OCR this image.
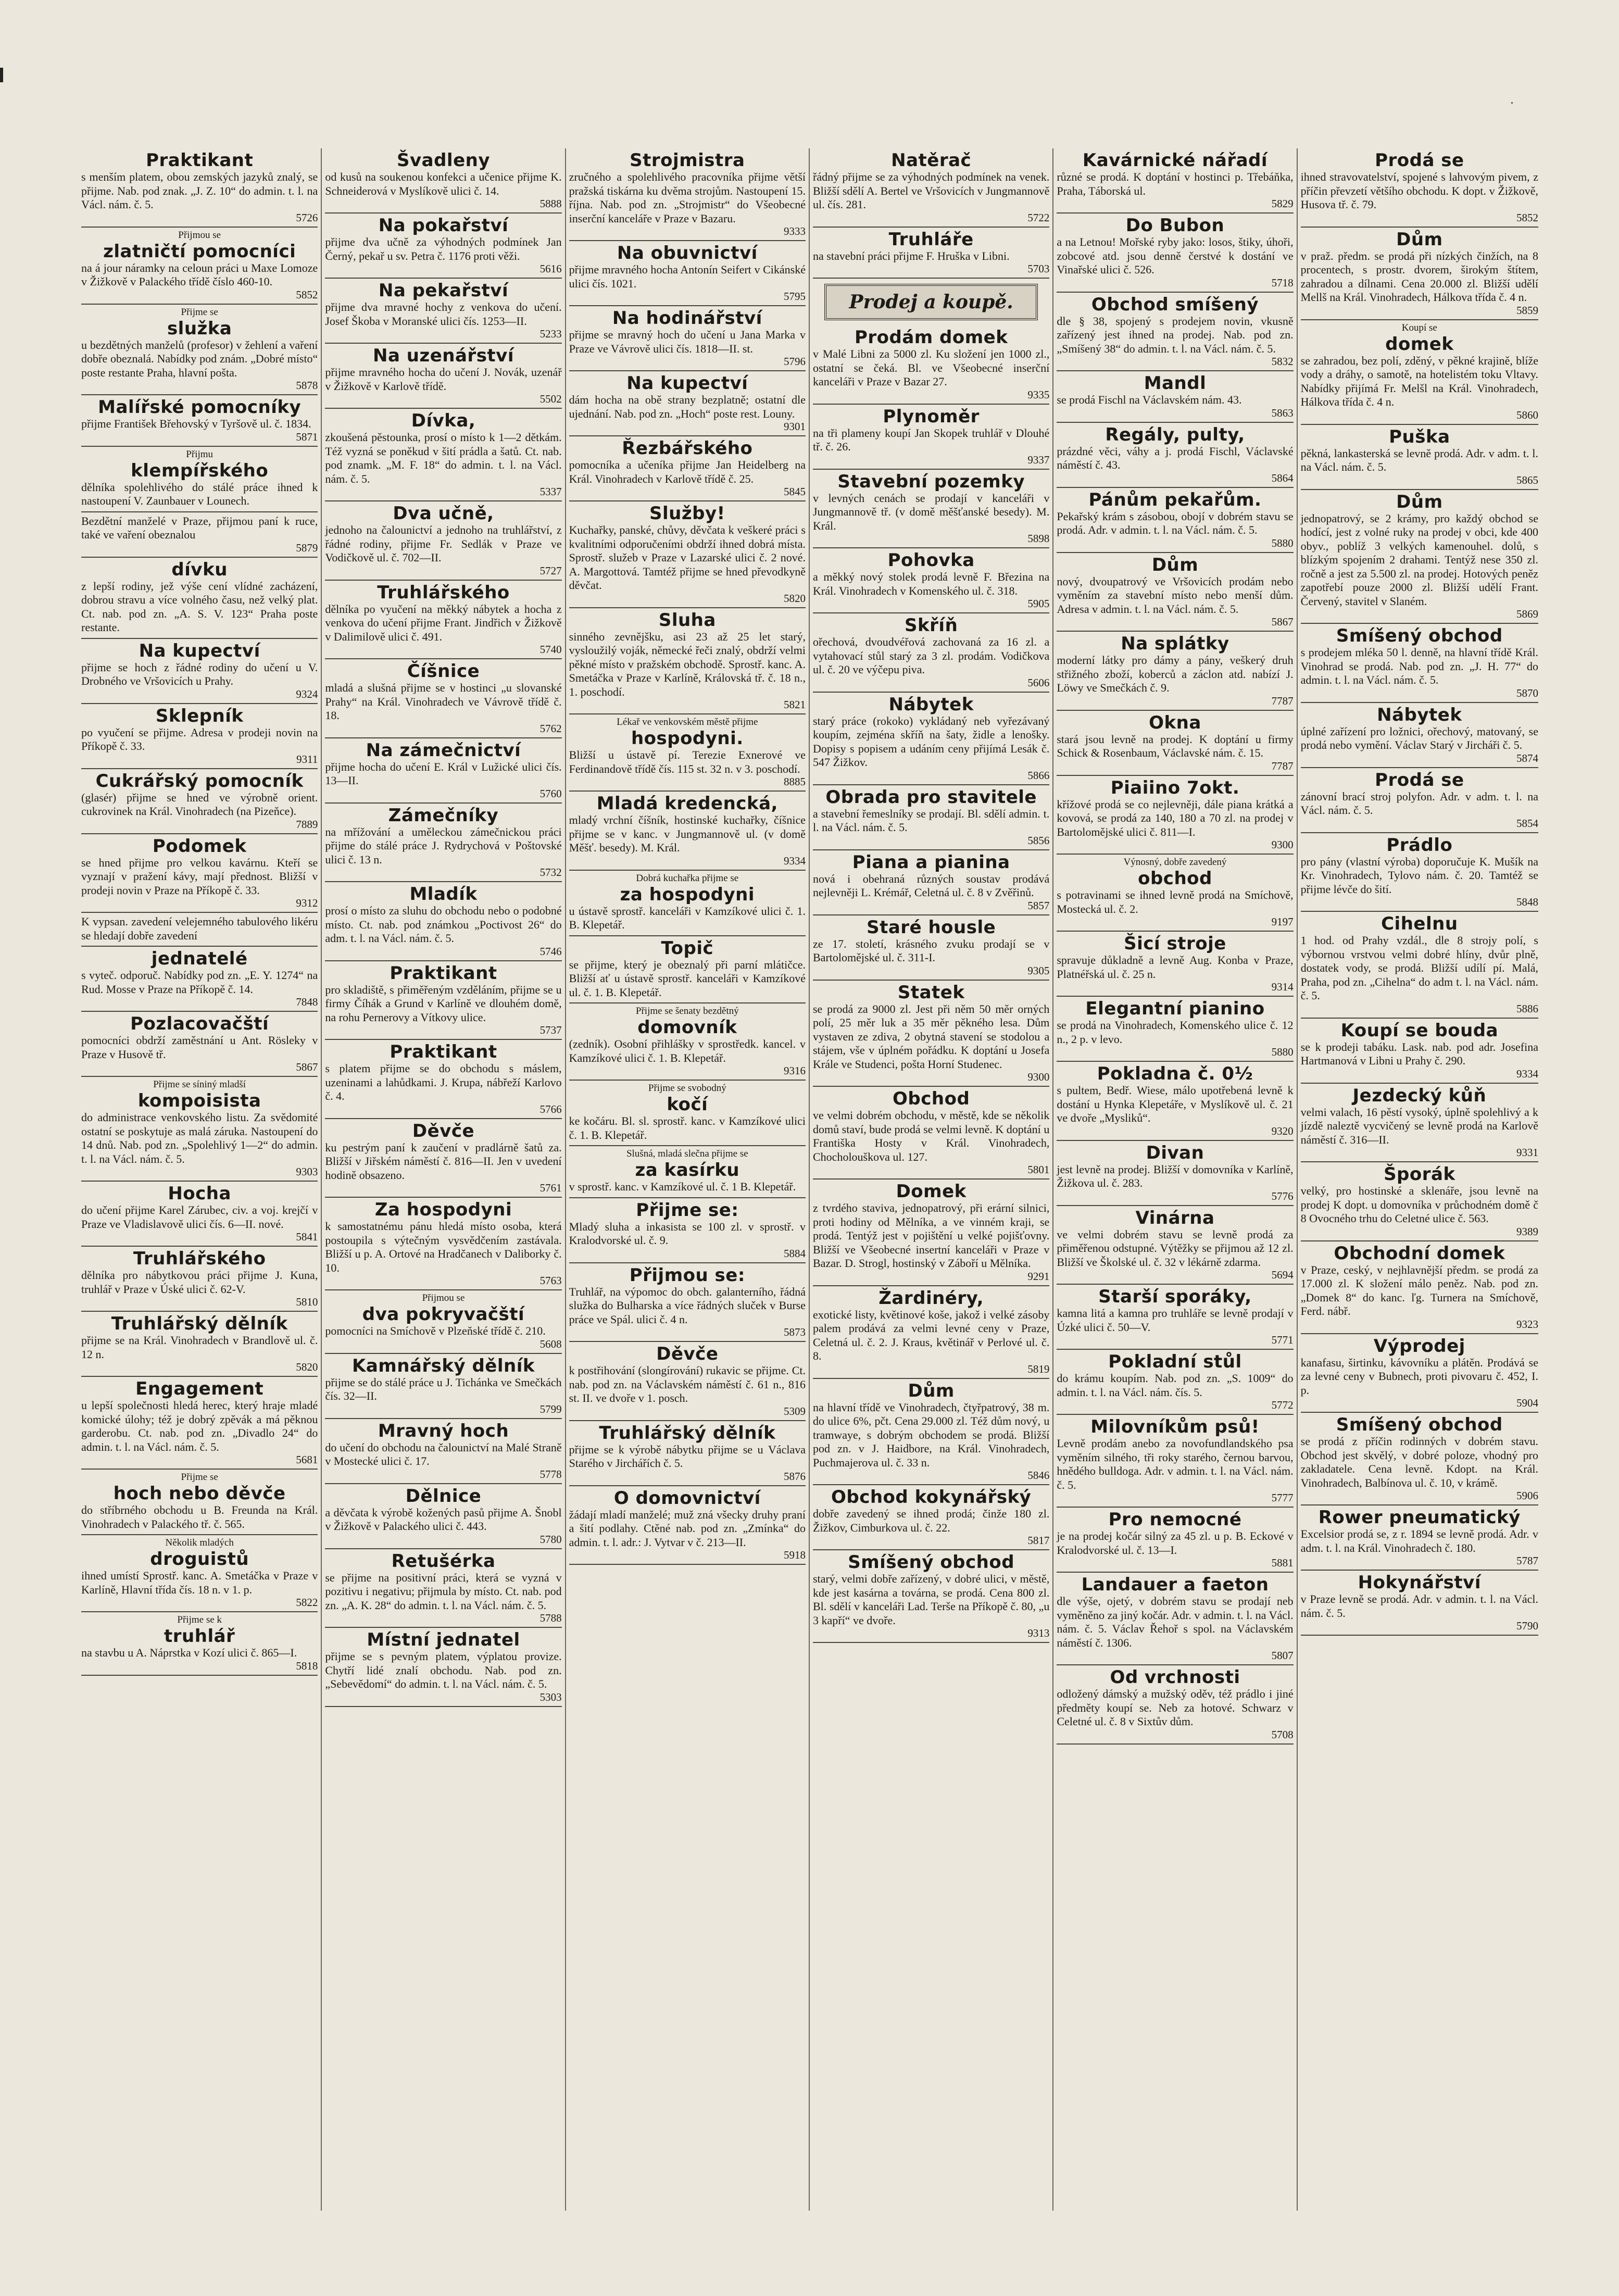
.
Praktikant
s menším platem, obou zemských jazyků znalý, se přijme. Nab. pod znak. „J. Z. 10“ do admin. t. l. na Václ. nám. č. 5.
5726
Přijmou se
zlatničtí pomocníci
na á jour náramky na celoun práci u Maxe Lomoze v Žižkově v Palackého třídě číslo 460-10.
5852
Přijme se
služka
u bezdětných manželů (profesor) v žehlení a vaření dobře obeznalá. Nabídky pod znám. „Dobré místo“ poste restante Praha, hlavní pošta.
5878
Malířské pomocníky
přijme František Břehovský v Tyršově ul. č. 1834.
5871
Přijmu
klempířského
dělníka spolehlivého do stálé práce ihned k nastoupení V. Zaunbauer v Lounech.
Bezdětní manželé v Praze, přijmou paní k ruce, také ve vaření obeznalou
5879
dívku
z lepší rodiny, jež výše cení vlídné zacházení, dobrou stravu a více volného času, než velký plat. Ct. nab. pod zn. „A. S. V. 123“ Praha poste restante.
Na kupectví
přijme se hoch z řádné rodiny do učení u V. Drobného ve Vršovicích u Prahy.
9324
Sklepník
po vyučení se přijme. Adresa v prodeji novin na Příkopě č. 33.
9311
Cukrářský pomocník
(glasér) přijme se hned ve výrobně orient. cukrovinek na Král. Vinohradech (na Pizeňce).
7889
Podomek
se hned přijme pro velkou kavárnu. Kteří se vyznají v pražení kávy, mají přednost. Bližší v prodeji novin v Praze na Příkopě č. 33.
9312
K vypsan. zavedení velejemného tabulového likéru se hledají dobře zavedení
jednatelé
s vyteč. odporuč. Nabídky pod zn. „E. Y. 1274“ na Rud. Mosse v Praze na Příkopě č. 14.
7848
Pozlacovačští
pomocníci obdrží zaměstnání u Ant. Rösleky v Praze v Husově tř.
5867
Přijme se síniný mladší
kompoisista
do administrace venkovského listu. Za svědomité ostatní se poskytuje as malá záruka. Nastoupení do 14 dnů. Nab. pod zn. „Spolehlivý 1—2“ do admin. t. l. na Václ. nám. č. 5.
9303
Hocha
do učení přijme Karel Zárubec, civ. a voj. krejčí v Praze ve Vladislavově ulici čís. 6—II. nové.
5841
Truhlářského
dělníka pro nábytkovou práci přijme J. Kuna, truhlář v Praze v Úské ulici č. 62-V.
5810
Truhlářský dělník
přijme se na Král. Vinohradech v Brandlově ul. č. 12 n.
5820
Engagement
u lepší společnosti hledá herec, který hraje mladé komické úlohy; též je dobrý zpěvák a má pěknou garderobu. Ct. nab. pod zn. „Divadlo 24“ do admin. t. l. na Václ. nám. č. 5.
5681
Přijme se
hoch nebo děvče
do stříbrného obchodu u B. Freunda na Král. Vinohradech v Palackého tř. č. 565.
Několik mladých
droguistů
ihned umístí Sprostř. kanc. A. Smetáčka v Praze v Karlíně, Hlavní třída čís. 18 n. v 1. p.
5822
Přijme se k
truhlář
na stavbu u A. Náprstka v Kozí ulici č. 865—I.
5818
Švadleny
od kusů na soukenou konfekci a učenice přijme K. Schneiderová v Myslíkově ulici č. 14.
5888
Na pokařství
přijme dva učně za výhodných podmínek Jan Černý, pekař u sv. Petra č. 1176 proti věži.
5616
Na pekařství
přijme dva mravné hochy z venkova do učení. Josef Škoba v Moranské ulici čís. 1253—II.
5233
Na uzenářství
přijme mravného hocha do učení J. Novák, uzenář v Žižkově v Karlově třídě.
5502
Dívka,
zkoušená pěstounka, prosí o místo k 1—2 dětkám. Též vyzná se poněkud v šití prádla a šatů. Ct. nab. pod znamk. „M. F. 18“ do admin. t. l. na Václ. nám. č. 5.
5337
Dva učně,
jednoho na čalounictví a jednoho na truhlářství, z řádné rodiny, přijme Fr. Sedlák v Praze ve Vodičkově ul. č. 702—II.
5727
Truhlářského
dělníka po vyučení na měkký nábytek a hocha z venkova do učení přijme Frant. Jindřich v Žižkově v Dalimilově ulici č. 491.
5740
Číšnice
mladá a slušná přijme se v hostinci „u slovanské Prahy“ na Král. Vinohradech ve Vávrově třídě č. 18.
5762
Na zámečnictví
přijme hocha do učení E. Král v Lužické ulici čís. 13—II.
5760
Zámečníky
na mřížování a uměleckou zámečnickou práci přijme do stálé práce J. Rydrychová v Poštovské ulici č. 13 n.
5732
Mladík
prosí o místo za sluhu do obchodu nebo o podobné místo. Ct. nab. pod známkou „Poctivost 26“ do adm. t. l. na Václ. nám. č. 5.
5746
Praktikant
pro skladiště, s přiměřeným vzděláním, přijme se u firmy Číhák a Grund v Karlíně ve dlouhém domě, na rohu Pernerovy a Vítkovy ulice.
5737
Praktikant
s platem přijme se do obchodu s máslem, uzeninami a lahůdkami. J. Krupa, nábřeží Karlovo č. 4.
5766
Děvče
ku pestrým paní k zaučení v pradlárně šatů za. Bližší v Jiřském náměstí č. 816—II. Jen v uvedení hodině obsazeno.
5761
Za hospodyni
k samostatnému pánu hledá místo osoba, která postoupila s výtečným vysvědčením zastávala. Bližší u p. A. Ortové na Hradčanech v Daliborky č. 10.
5763
Přijmou se
dva pokryvačští
pomocníci na Smíchově v Plzeňské třídě č. 210.
5608
Kamnářský dělník
přijme se do stálé práce u J. Tichánka ve Smečkách čís. 32—II.
5799
Mravný hoch
do učení do obchodu na čalounictví na Malé Straně v Mostecké ulici č. 17.
5778
Dělnice
a děvčata k výrobě kožených pasů přijme A. Šnobl v Žižkově v Palackého ulici č. 443.
5780
Retušérka
se přijme na positivní práci, která se vyzná v pozitivu i negativu; přijmula by místo. Ct. nab. pod zn. „A. K. 28“ do admin. t. l. na Václ. nám. č. 5.
5788
Místní jednatel
přijme se s pevným platem, výplatou provize. Chytří lidé znalí obchodu. Nab. pod zn. „Sebevědomí“ do admin. t. l. na Václ. nám. č. 5.
5303
Strojmistra
zručného a spolehlivého pracovníka přijme větší pražská tiskárna ku dvěma strojům. Nastoupení 15. října. Nab. pod zn. „Strojmistr“ do Všeobecné inserční kanceláře v Praze v Bazaru.
9333
Na obuvnictví
přijme mravného hocha Antonín Seifert v Cikánské ulici čís. 1021.
5795
Na hodinářství
přijme se mravný hoch do učení u Jana Marka v Praze ve Vávrově ulici čís. 1818—II. st.
5796
Na kupectví
dám hocha na obě strany bezplatně; ostatní dle ujednání. Nab. pod zn. „Hoch“ poste rest. Louny.
9301
Řezbářského
pomocníka a učeníka přijme Jan Heidelberg na Král. Vinohradech v Karlově třídě č. 25.
5845
Služby!
Kuchařky, panské, chůvy, děvčata k veškeré práci s kvalitními odporučeními obdrží ihned dobrá místa. Sprostř. služeb v Praze v Lazarské ulici č. 2 nové. A. Margottová. Tamtéž přijme se hned převodkyně děvčat.
5820
Sluha
sinného zevnějšku, asi 23 až 25 let starý, vysloužilý voják, německé řeči znalý, obdrží velmi pěkné místo v pražském obchodě. Sprostř. kanc. A. Smetáčka v Praze v Karlíně, Královská tř. č. 18 n., 1. poschodí.
5821
Lékař ve venkovském městě přijme
hospodyni.
Bližší u ústavě pí. Terezie Exnerové ve Ferdinandově třídě čís. 115 st. 32 n. v 3. poschodí.
8885
Mladá kredencká,
mladý vrchní číšník, hostinské kuchařky, číšnice přijme se v kanc. v Jungmannově ul. (v domě Měšť. besedy). M. Král.
9334
Dobrá kuchařka přijme se
za hospodyni
u ústavě sprostř. kanceláři v Kamzíkové ulici č. 1. B. Klepetář.
Topič
se přijme, který je obeznalý při parní mlátičce. Bližší ať u ústavě sprostř. kanceláři v Kamzíkové ul. č. 1. B. Klepetář.
Přijme se šenaty bezdětný
domovník
(zedník). Osobní přihlášky v sprostředk. kancel. v Kamzíkové ulici č. 1. B. Klepetář.
9316
Přijme se svobodný
kočí
ke kočáru. Bl. sl. sprostř. kanc. v Kamzíkové ulici č. 1. B. Klepetář.
Slušná, mladá slečna přijme se
za kasírku
v sprostř. kanc. v Kamzíkové ul. č. 1 B. Klepetář.
Přijme se:
Mladý sluha a inkasista se 100 zl. v sprostř. v Kralodvorské ul. č. 9.
5884
Přijmou se:
Truhlář, na výpomoc do obch. galanterního, řádná služka do Bulharska a více řádných sluček v Burse práce ve Spál. ulici č. 4 n.
5873
Děvče
k postřihování (slongírování) rukavic se přijme. Ct. nab. pod zn. na Václavském náměstí č. 61 n., 816 st. II. ve dvoře v 1. posch.
5309
Truhlářský dělník
přijme se k výrobě nábytku přijme se u Václava Starého v Jirchářích č. 5.
5876
O domovnictví
žádají mladí manželé; muž zná všecky druhy praní a šití podlahy. Ctěné nab. pod zn. „Zmínka“ do admin. t. l. adr.: J. Vytvar v č. 213—II.
5918
Natěrač
řádný přijme se za výhodných podmínek na venek. Bližší sdělí A. Bertel ve Vršovicích v Jungmannově ul. čís. 281.
5722
Truhláře
na stavební práci přijme F. Hruška v Libni.
5703
Prodej a koupě.
Prodám domek
v Malé Libni za 5000 zl. Ku složení jen 1000 zl., ostatní se čeká. Bl. ve Všeobecné inserční kanceláři v Praze v Bazar 27.
9335
Plynoměr
na tři plameny koupí Jan Skopek truhlář v Dlouhé tř. č. 26.
9337
Stavební pozemky
v levných cenách se prodají v kanceláři v Jungmannově tř. (v domě měšťanské besedy). M. Král.
5898
Pohovka
a měkký nový stolek prodá levně F. Březina na Král. Vinohradech v Komenského ul. č. 318.
5905
Skříň
ořechová, dvoudvéřová zachovaná za 16 zl. a vytahovací stůl starý za 3 zl. prodám. Vodičkova ul. č. 20 ve výčepu piva.
5606
Nábytek
starý práce (rokoko) vykládaný neb vyřezávaný koupím, zejména skříň na šaty, židle a lenošky. Dopisy s popisem a udáním ceny přijímá Lesák č. 547 Žižkov.
5866
Obrada pro stavitele
a stavební řemeslníky se prodají. Bl. sdělí admin. t. l. na Václ. nám. č. 5.
5856
Piana a pianina
nová i obehraná různých soustav prodává nejlevněji L. Krémář, Celetná ul. č. 8 v Zvěřinů.
5857
Staré housle
ze 17. století, krásného zvuku prodají se v Bartolomějské ul. č. 311-I.
9305
Statek
se prodá za 9000 zl. Jest při něm 50 měr orných polí, 25 měr luk a 35 měr pěkného lesa. Dům vystaven ze zdiva, 2 obytná stavení se stodolou a stájem, vše v úplném pořádku. K doptání u Josefa Krále ve Studenci, pošta Horní Studenec.
9300
Obchod
ve velmi dobrém obchodu, v městě, kde se několik domů staví, bude prodá se velmi levně. K doptání u Františka Hosty v Král. Vinohradech, Chocholouškova ul. 127.
5801
Domek
z tvrdého staviva, jednopatrový, při erární silnici, proti hodiny od Mělníka, a ve vinném kraji, se prodá. Tentýž jest v pojištění u velké pojišťovny. Bližší ve Všeobecné insertní kanceláři v Praze v Bazar. D. Strogl, hostinský v Záboří u Mělníka.
9291
Žardinéry,
exotické listy, květinové koše, jakož i velké zásoby palem prodává za velmi levné ceny v Praze, Celetná ul. č. 2. J. Kraus, květinář v Perlové ul. č. 8.
5819
Dům
na hlavní třídě ve Vinohradech, čtyřpatrový, 38 m. do ulice 6%, pčt. Cena 29.000 zl. Též dům nový, u tramwaye, s dobrým obchodem se prodá. Bližší pod zn. v J. Haidbore, na Král. Vinohradech, Puchmajerova ul. č. 33 n.
5846
Obchod kokynářský
dobře zavedený se ihned prodá; činže 180 zl. Žižkov, Cimburkova ul. č. 22.
5817
Smíšený obchod
starý, velmi dobře zařízený, v dobré ulici, v městě, kde jest kasárna a továrna, se prodá. Cena 800 zl. Bl. sdělí v kanceláři Lad. Terše na Příkopě č. 80, „u 3 kapří“ ve dvoře.
9313
Kavárnické nářadí
různé se prodá. K doptání v hostinci p. Třebáňka, Praha, Táborská ul.
5829
Do Bubon
a na Letnou! Mořské ryby jako: losos, štiky, úhoři, zobcové atd. jsou denně čerstvé k dostání ve Vinařské ulici č. 526.
5718
Obchod smíšený
dle § 38, spojený s prodejem novin, vkusně zařízený jest ihned na prodej. Nab. pod zn. „Smíšený 38“ do admin. t. l. na Václ. nám. č. 5.
5832
Mandl
se prodá Fischl na Václavském nám. 43.
5863
Regály, pulty,
prázdné věci, váhy a j. prodá Fischl, Václavské náměstí č. 43.
5864
Pánům pekařům.
Pekařský krám s zásobou, obojí v dobrém stavu se prodá. Adr. v admin. t. l. na Václ. nám. č. 5.
5880
Dům
nový, dvoupatrový ve Vršovicích prodám nebo vyměním za stavební místo nebo menší dům. Adresa v admin. t. l. na Václ. nám. č. 5.
5867
Na splátky
moderní látky pro dámy a pány, veškerý druh střižného zboží, koberců a záclon atd. nabízí J. Löwy ve Smečkách č. 9.
7787
Okna
stará jsou levně na prodej. K doptání u firmy Schick & Rosenbaum, Václavské nám. č. 15.
7787
Piaiino 7okt.
křížové prodá se co nejlevněji, dále piana krátká a kovová, se prodá za 140, 180 a 70 zl. na prodej v Bartolomějské ulici č. 811—I.
9300
Výnosný, dobře zavedený
obchod
s potravinami se ihned levně prodá na Smíchově, Mostecká ul. č. 2.
9197
Šicí stroje
spravuje důkladně a levně Aug. Konba v Praze, Platnéřská ul. č. 25 n.
9314
Elegantní pianino
se prodá na Vinohradech, Komenského ulice č. 12 n., 2 p. v levo.
5880
Pokladna č. 0½
s pultem, Bedř. Wiese, málo upotřebená levně k dostání u Hynka Klepetáře, v Myslíkově ul. č. 21 ve dvoře „Mysliků“.
9320
Divan
jest levně na prodej. Bližší v domovníka v Karlíně, Žižkova ul. č. 283.
5776
Vinárna
ve velmi dobrém stavu se levně prodá za přiměřenou odstupné. Výtěžky se přijmou až 12 zl. Bližší ve Školské ul. č. 32 v lékárně zdarma.
5694
Starší sporáky,
kamna litá a kamna pro truhláře se levně prodají v Úzké ulici č. 50—V.
5771
Pokladní stůl
do krámu koupím. Nab. pod zn. „S. 1009“ do admin. t. l. na Václ. nám. čís. 5.
5772
Milovníkům psů!
Levně prodám anebo za novofundlandského psa vyměním silného, tři roky starého, černou barvou, hnědého bulldoga. Adr. v admin. t. l. na Václ. nám. č. 5.
5777
Pro nemocné
je na prodej kočár silný za 45 zl. u p. B. Eckové v Kralodvorské ul. č. 13—I.
5881
Landauer a faeton
dle výše, ojetý, v dobrém stavu se prodají neb vyměněno za jiný kočár. Adr. v admin. t. l. na Václ. nám. č. 5. Václav Řehoř s spol. na Václavském náměstí č. 1306.
5807
Od vrchnosti
odložený dámský a mužský oděv, též prádlo i jiné předměty koupí se. Neb za hotové. Schwarz v Celetné ul. č. 8 v Sixtův dům.
5708
Prodá se
ihned stravovatelství, spojené s lahvovým pivem, z příčin převzetí většího obchodu. K dopt. v Žižkově, Husova tř. č. 79.
5852
Dům
v praž. předm. se prodá při nízkých činžích, na 8 procentech, s prostr. dvorem, širokým štítem, zahradou a dílnami. Cena 20.000 zl. Bližší udělí Mellš na Král. Vinohradech, Hálkova třída č. 4 n.
5859
Koupí se
domek
se zahradou, bez polí, zděný, v pěkné krajině, blíže vody a dráhy, o samotě, na hotelistém toku Vltavy. Nabídky přijímá Fr. Melšl na Král. Vinohradech, Hálkova třída č. 4 n.
5860
Puška
pěkná, lankasterská se levně prodá. Adr. v adm. t. l. na Václ. nám. č. 5.
5865
Dům
jednopatrový, se 2 krámy, pro každý obchod se hodící, jest z volné ruky na prodej v obci, kde 400 obyv., poblíž 3 velkých kamenouhel. dolů, s blízkým spojením 2 drahami. Tentýž nese 350 zl. ročně a jest za 5.500 zl. na prodej. Hotových peněz zapotřebí pouze 2000 zl. Bližší udělí Frant. Červený, stavitel v Slaném.
5869
Smíšený obchod
s prodejem mléka 50 l. denně, na hlavní třídě Král. Vinohrad se prodá. Nab. pod zn. „J. H. 77“ do admin. t. l. na Václ. nám. č. 5.
5870
Nábytek
úplné zařízení pro ložnici, ořechový, matovaný, se prodá nebo vymění. Václav Starý v Jircháři č. 5.
5874
Prodá se
zánovní brací stroj polyfon. Adr. v adm. t. l. na Václ. nám. č. 5.
5854
Prádlo
pro pány (vlastní výroba) doporučuje K. Mušík na Kr. Vinohradech, Tylovo nám. č. 20. Tamtéž se přijme lévče do šití.
5848
Cihelnu
1 hod. od Prahy vzdál., dle 8 strojy polí, s výbornou vrstvou velmi dobré hlíny, dvůr plně, dostatek vody, se prodá. Bližší udílí pí. Malá, Praha, pod zn. „Cihelna“ do adm t. l. na Václ. nám. č. 5.
5886
Koupí se bouda
se k prodeji tabáku. Lask. nab. pod adr. Josefina Hartmanová v Libni u Prahy č. 290.
9334
Jezdecký kůň
velmi valach, 16 pěstí vysoký, úplně spolehlivý a k jízdě naleztě vycvičený se levně prodá na Karlově náměstí č. 316—II.
9331
Šporák
velký, pro hostinské a sklenáře, jsou levně na prodej K dopt. u domovníka v průchodném domě č 8 Ovocného trhu do Celetné ulice č. 563.
9389
Obchodní domek
v Praze, ceský, v nejhlavnější předm. se prodá za 17.000 zl. K složení málo peněz. Nab. pod zn. „Domek 8“ do kanc. ľg. Turnera na Smíchově, Ferd. nábř.
9323
Výprodej
kanafasu, širtinku, kávovníku a plátěn. Prodává se za levné ceny v Bubnech, proti pivovaru č. 452, I. p.
5904
Smíšený obchod
se prodá z příčin rodinných v dobrém stavu. Obchod jest skvělý, v dobré poloze, vhodný pro zakladatele. Cena levně. Kdopt. na Král. Vinohradech, Balbínova ul. č. 10, v krámě.
5906
Rower pneumatický
Excelsior prodá se, z r. 1894 se levně prodá. Adr. v adm. t. l. na Král. Vinohradech č. 180.
5787
Hokynářství
v Praze levně se prodá. Adr. v admin. t. l. na Václ. nám. č. 5.
5790
